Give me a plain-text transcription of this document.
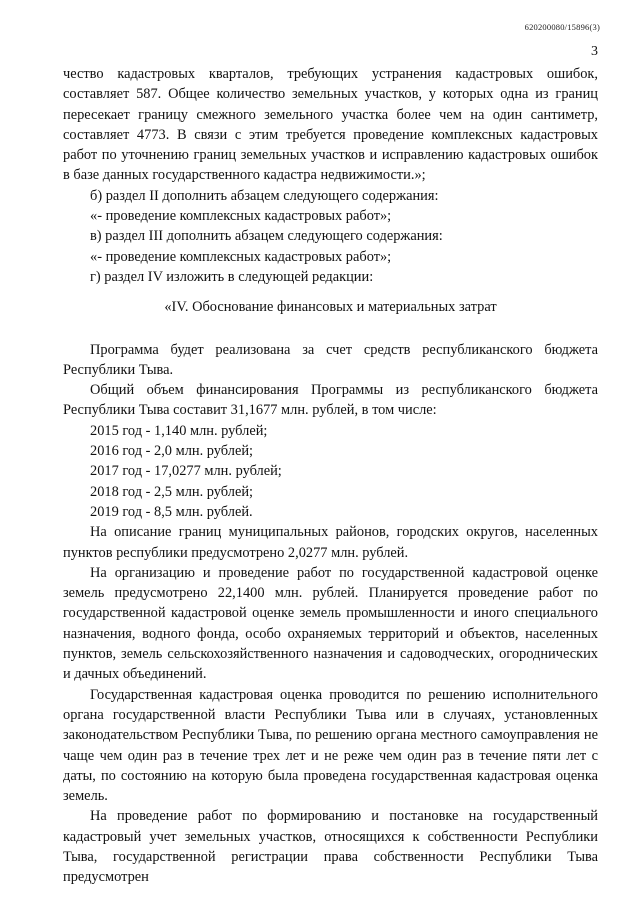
620200080/15896(3)
3

чество кадастровых кварталов, требующих устранения кадастровых ошибок, составляет 587. Общее количество земельных участков, у которых одна из границ пересекает границу смежного земельного участка более чем на один сантиметр, составляет 4773. В связи с этим требуется проведение комплексных кадастровых работ по уточнению границ земельных участков и исправлению кадастровых ошибок в базе данных государственного кадастра недвижимости.»;

б) раздел II дополнить абзацем следующего содержания:

«- проведение комплексных кадастровых работ»;

в) раздел III дополнить абзацем следующего содержания:

«- проведение комплексных кадастровых работ»;

г) раздел IV изложить в следующей редакции:

«IV. Обоснование финансовых и материальных затрат

Программа будет реализована за счет средств республиканского бюджета Республики Тыва.

Общий объем финансирования Программы из республиканского бюджета Республики Тыва составит 31,1677 млн. рублей, в том числе:

2015 год - 1,140 млн. рублей;

2016 год - 2,0 млн. рублей;

2017 год - 17,0277 млн. рублей;

2018 год - 2,5 млн. рублей;

2019 год - 8,5 млн. рублей.

На описание границ муниципальных районов, городских округов, населенных пунктов республики предусмотрено 2,0277 млн. рублей.

На организацию и проведение работ по государственной кадастровой оценке земель предусмотрено 22,1400 млн. рублей. Планируется проведение работ по государственной кадастровой оценке земель промышленности и иного специального назначения, водного фонда, особо охраняемых территорий и объектов, населенных пунктов, земель сельскохозяйственного назначения и садоводческих, огороднических и дачных объединений.

Государственная кадастровая оценка проводится по решению исполнительного органа государственной власти Республики Тыва или в случаях, установленных законодательством Республики Тыва, по решению органа местного самоуправления не чаще чем один раз в течение трех лет и не реже чем один раз в течение пяти лет с даты, по состоянию на которую была проведена государственная кадастровая оценка земель.

На проведение работ по формированию и постановке на государственный кадастровый учет земельных участков, относящихся к собственности Республики Тыва, государственной регистрации права собственности Республики Тыва предусмотрен
